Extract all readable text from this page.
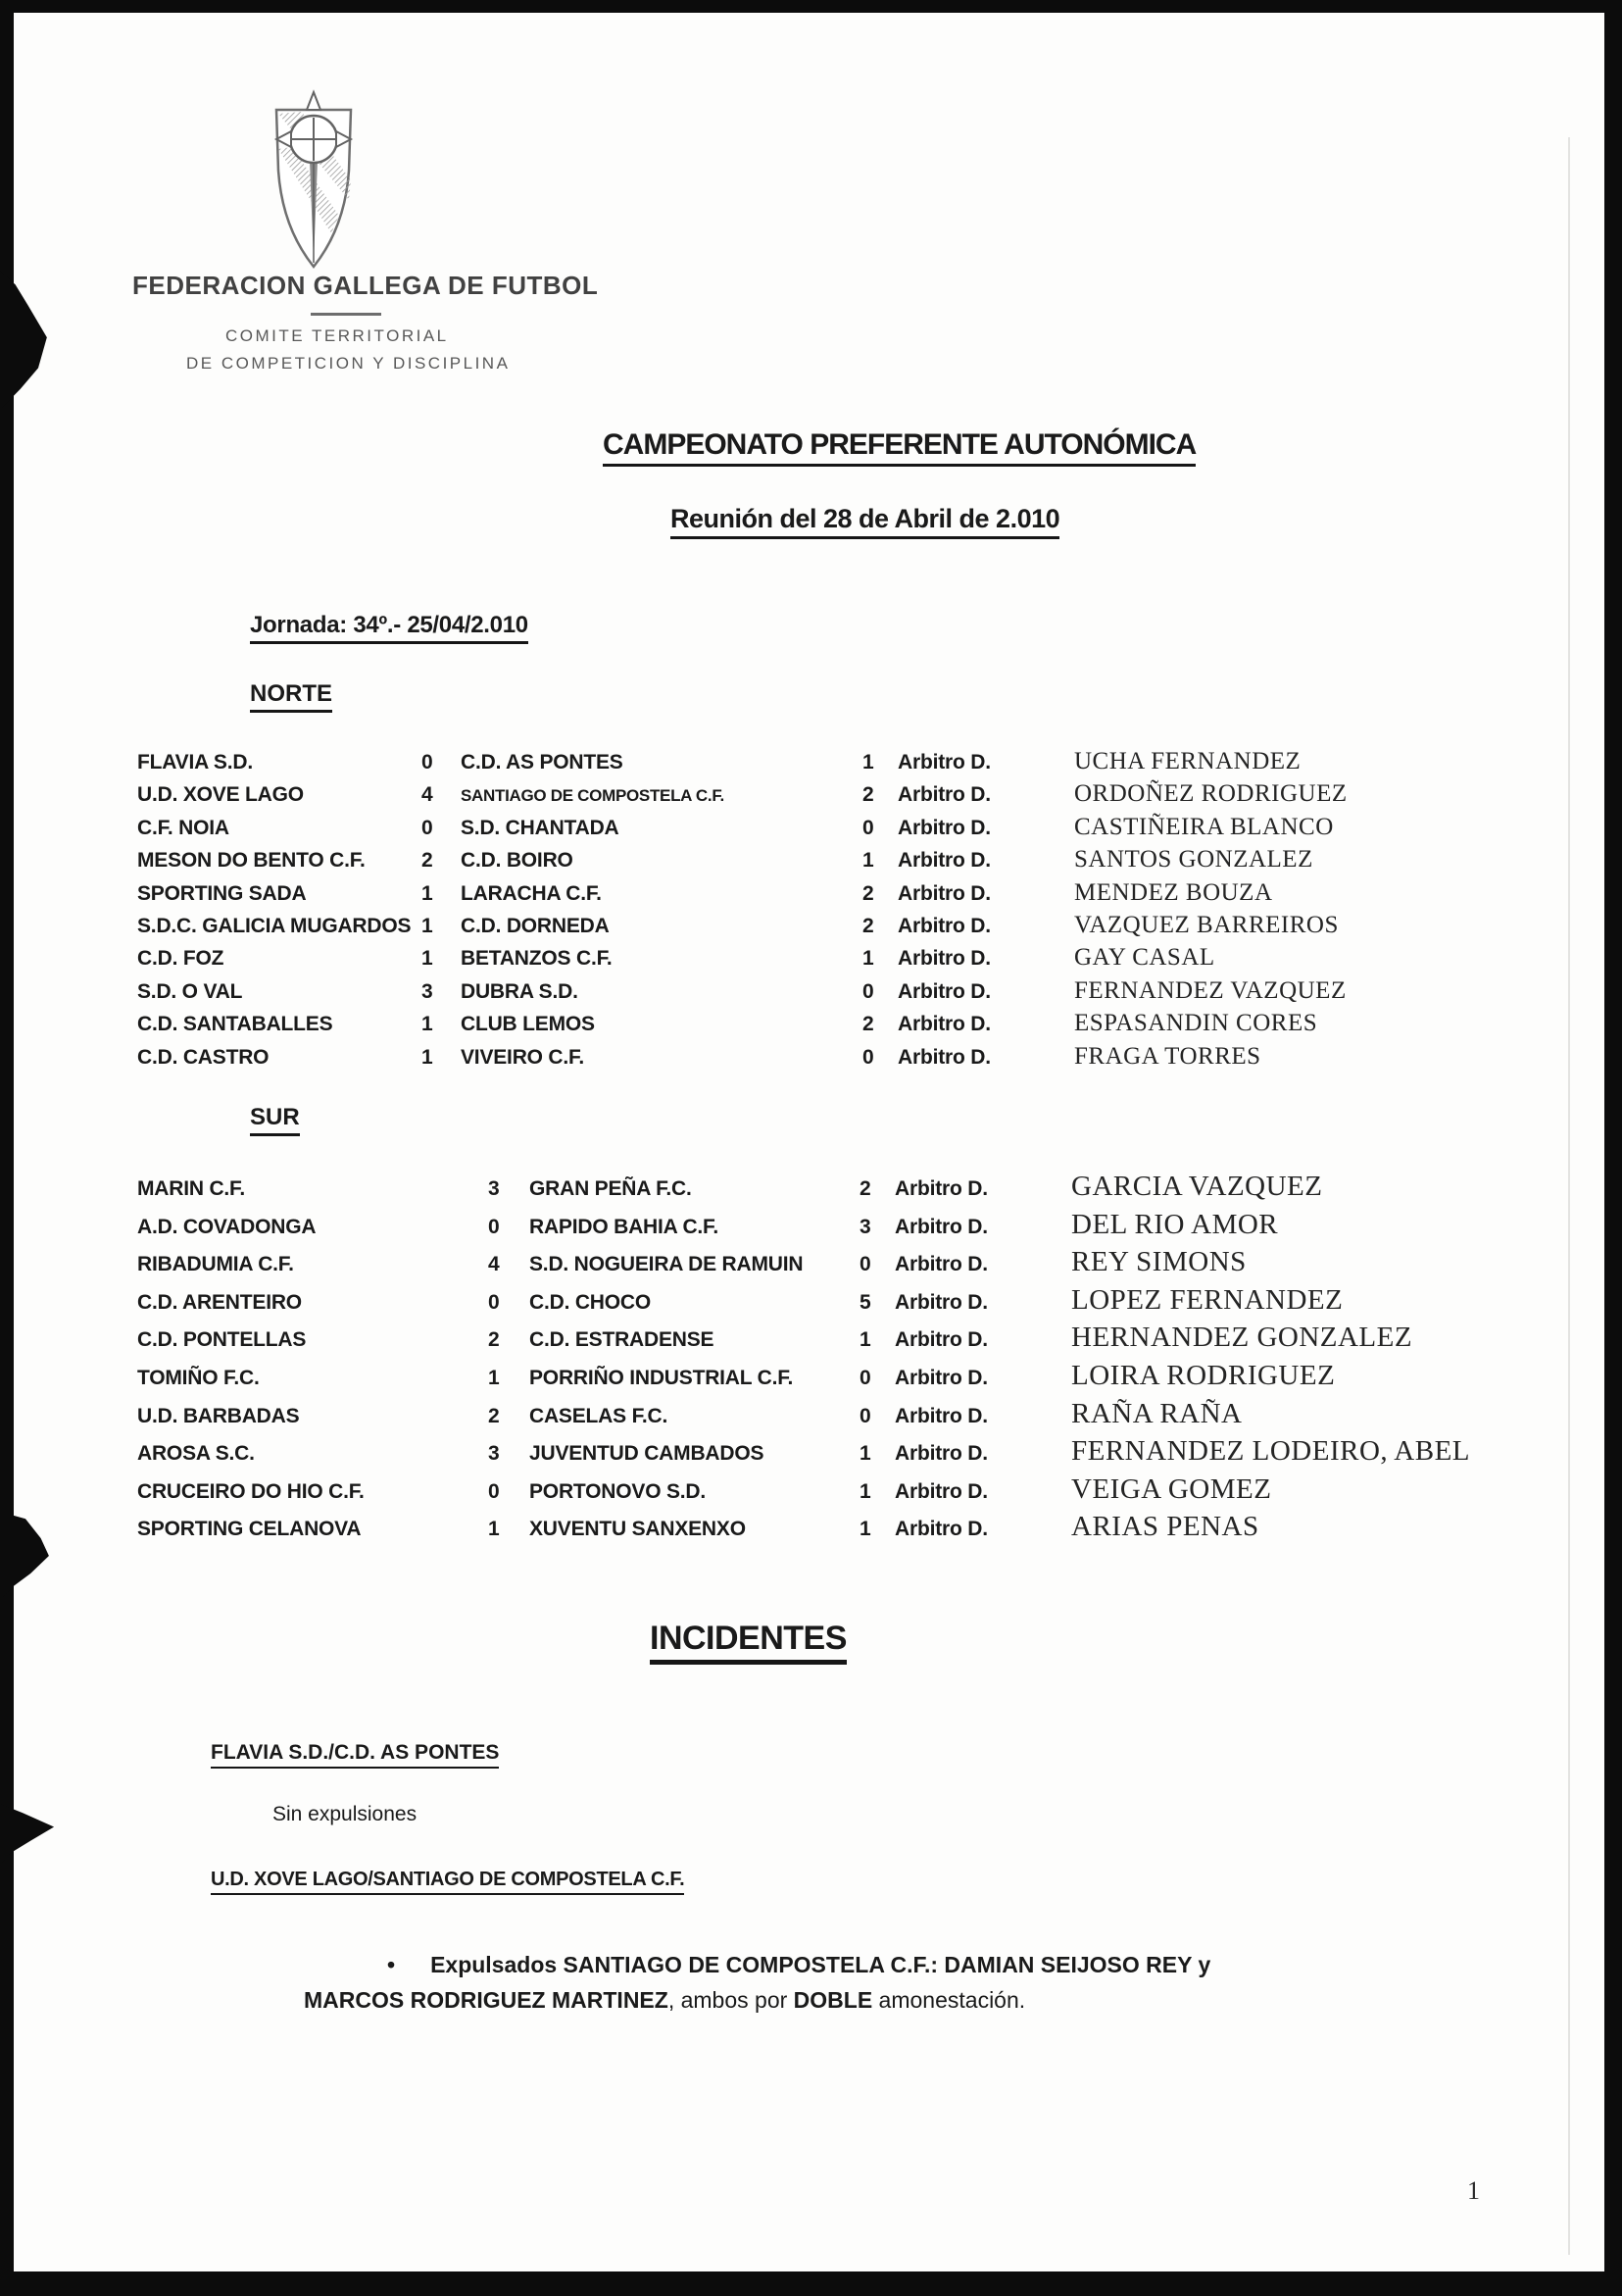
FEDERACION GALLEGA DE FUTBOL
COMITE TERRITORIAL
DE COMPETICION Y DISCIPLINA
CAMPEONATO PREFERENTE AUTONÓMICA
Reunión del 28 de Abril de 2.010
Jornada: 34º.- 25/04/2.010
NORTE
FLAVIA S.D.	0	C.D. AS PONTES	1	Arbitro D.	UCHA FERNANDEZ
U.D. XOVE LAGO	4	SANTIAGO DE COMPOSTELA C.F.	2	Arbitro D.	ORDOÑEZ RODRIGUEZ
C.F. NOIA	0	S.D. CHANTADA	0	Arbitro D.	CASTIÑEIRA BLANCO
MESON DO BENTO C.F.	2	C.D. BOIRO	1	Arbitro D.	SANTOS GONZALEZ
SPORTING SADA	1	LARACHA C.F.	2	Arbitro D.	MENDEZ BOUZA
S.D.C. GALICIA MUGARDOS 1	C.D. DORNEDA	2	Arbitro D.	VAZQUEZ BARREIROS
C.D. FOZ	1	BETANZOS C.F.	1	Arbitro D.	GAY CASAL
S.D. O VAL	3	DUBRA S.D.	0	Arbitro D.	FERNANDEZ VAZQUEZ
C.D. SANTABALLES	1	CLUB LEMOS	2	Arbitro D.	ESPASANDIN CORES
C.D. CASTRO	1	VIVEIRO C.F.	0	Arbitro D.	FRAGA TORRES
SUR
MARIN C.F.	3	GRAN PEÑA F.C.	2	Arbitro D.	GARCIA VAZQUEZ
A.D. COVADONGA	0	RAPIDO BAHIA C.F.	3	Arbitro D.	DEL RIO AMOR
RIBADUMIA C.F.	4	S.D. NOGUEIRA DE RAMUIN	0	Arbitro D.	REY SIMONS
C.D. ARENTEIRO	0	C.D. CHOCO	5	Arbitro D.	LOPEZ FERNANDEZ
C.D. PONTELLAS	2	C.D. ESTRADENSE	1	Arbitro D.	HERNANDEZ GONZALEZ
TOMIÑO F.C.	1	PORRIÑO INDUSTRIAL C.F.	0	Arbitro D.	LOIRA RODRIGUEZ
U.D. BARBADAS	2	CASELAS F.C.	0	Arbitro D.	RAÑA RAÑA
AROSA S.C.	3	JUVENTUD CAMBADOS	1	Arbitro D.	FERNANDEZ LODEIRO, ABEL
CRUCEIRO DO HIO C.F.	0	PORTONOVO S.D.	1	Arbitro D.	VEIGA GOMEZ
SPORTING CELANOVA	1	XUVENTU SANXENXO	1	Arbitro D.	ARIAS PENAS
INCIDENTES
FLAVIA S.D./C.D. AS PONTES
Sin expulsiones
U.D. XOVE LAGO/SANTIAGO DE COMPOSTELA C.F.
• Expulsados SANTIAGO DE COMPOSTELA C.F.: DAMIAN SEIJOSO REY y
MARCOS RODRIGUEZ MARTINEZ, ambos por DOBLE amonestación.
1
